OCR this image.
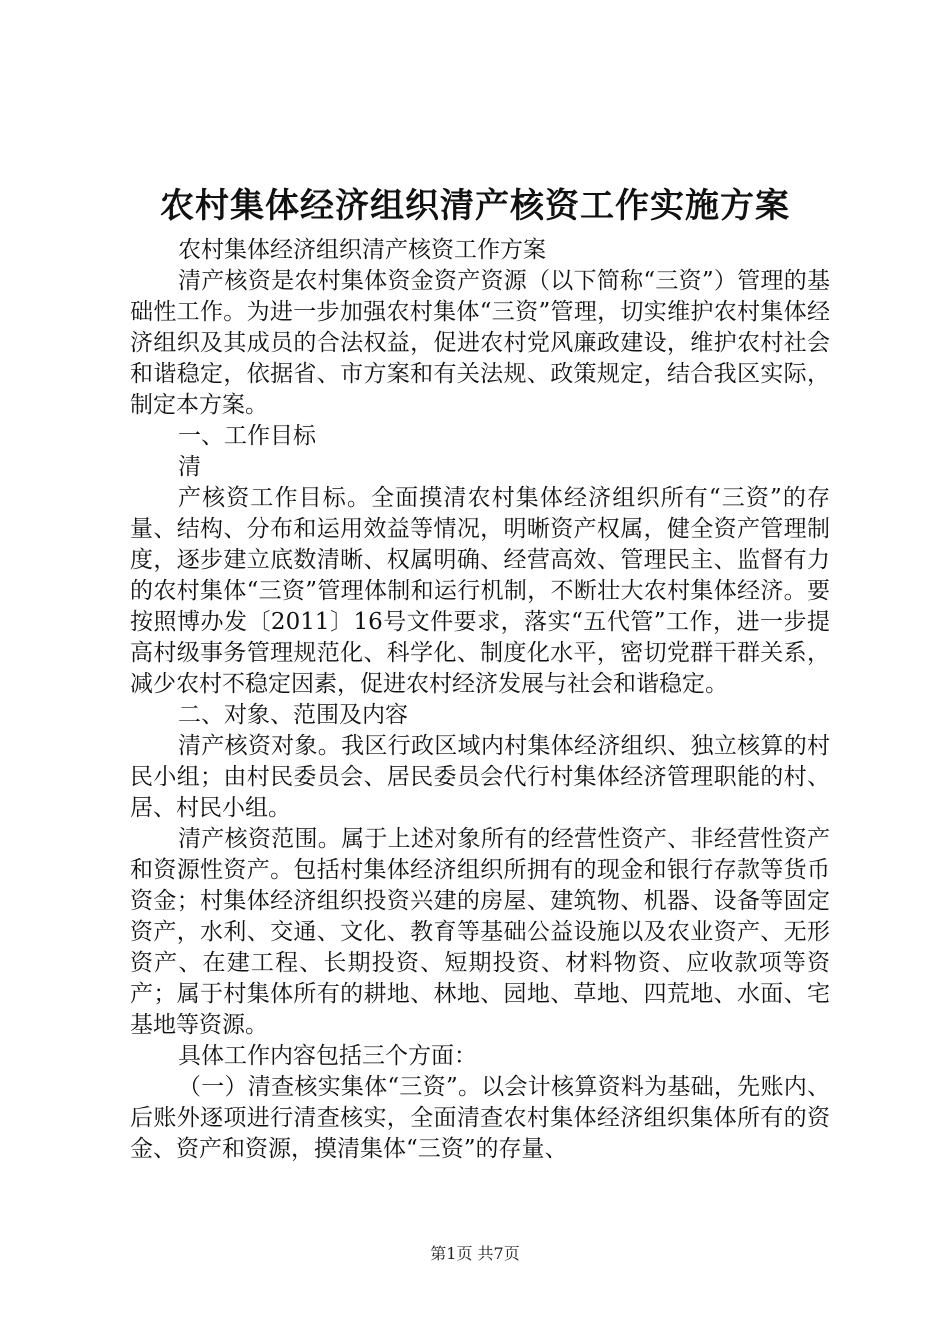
农村集体经济组织清产核资工作实施方案

农村集体经济组织清产核资工作方案

清产核资是农村集体资金资产资源（以下简称“三资”）管理的基础性工作。为进一步加强农村集体“三资”管理，切实维护农村集体经济组织及其成员的合法权益，促进农村党风廉政建设，维护农村社会和谐稳定，依据省、市方案和有关法规、政策规定，结合我区实际，制定本方案。

一、工作目标

清

产核资工作目标。全面摸清农村集体经济组织所有“三资”的存量、结构、分布和运用效益等情况，明晰资产权属，健全资产管理制度，逐步建立底数清晰、权属明确、经营高效、管理民主、监督有力的农村集体“三资”管理体制和运行机制，不断壮大农村集体经济。要按照博办发〔2011〕16号文件要求，落实“五代管”工作，进一步提高村级事务管理规范化、科学化、制度化水平，密切党群干群关系，减少农村不稳定因素，促进农村经济发展与社会和谐稳定。

二、对象、范围及内容

清产核资对象。我区行政区域内村集体经济组织、独立核算的村民小组；由村民委员会、居民委员会代行村集体经济管理职能的村、居、村民小组。

清产核资范围。属于上述对象所有的经营性资产、非经营性资产和资源性资产。包括村集体经济组织所拥有的现金和银行存款等货币资金；村集体经济组织投资兴建的房屋、建筑物、机器、设备等固定资产，水利、交通、文化、教育等基础公益设施以及农业资产、无形资产、在建工程、长期投资、短期投资、材料物资、应收款项等资产；属于村集体所有的耕地、林地、园地、草地、四荒地、水面、宅基地等资源。

具体工作内容包括三个方面：

（一）清查核实集体“三资”。以会计核算资料为基础，先账内、后账外逐项进行清查核实，全面清查农村集体经济组织集体所有的资金、资产和资源，摸清集体“三资”的存量、

第1页 共7页
